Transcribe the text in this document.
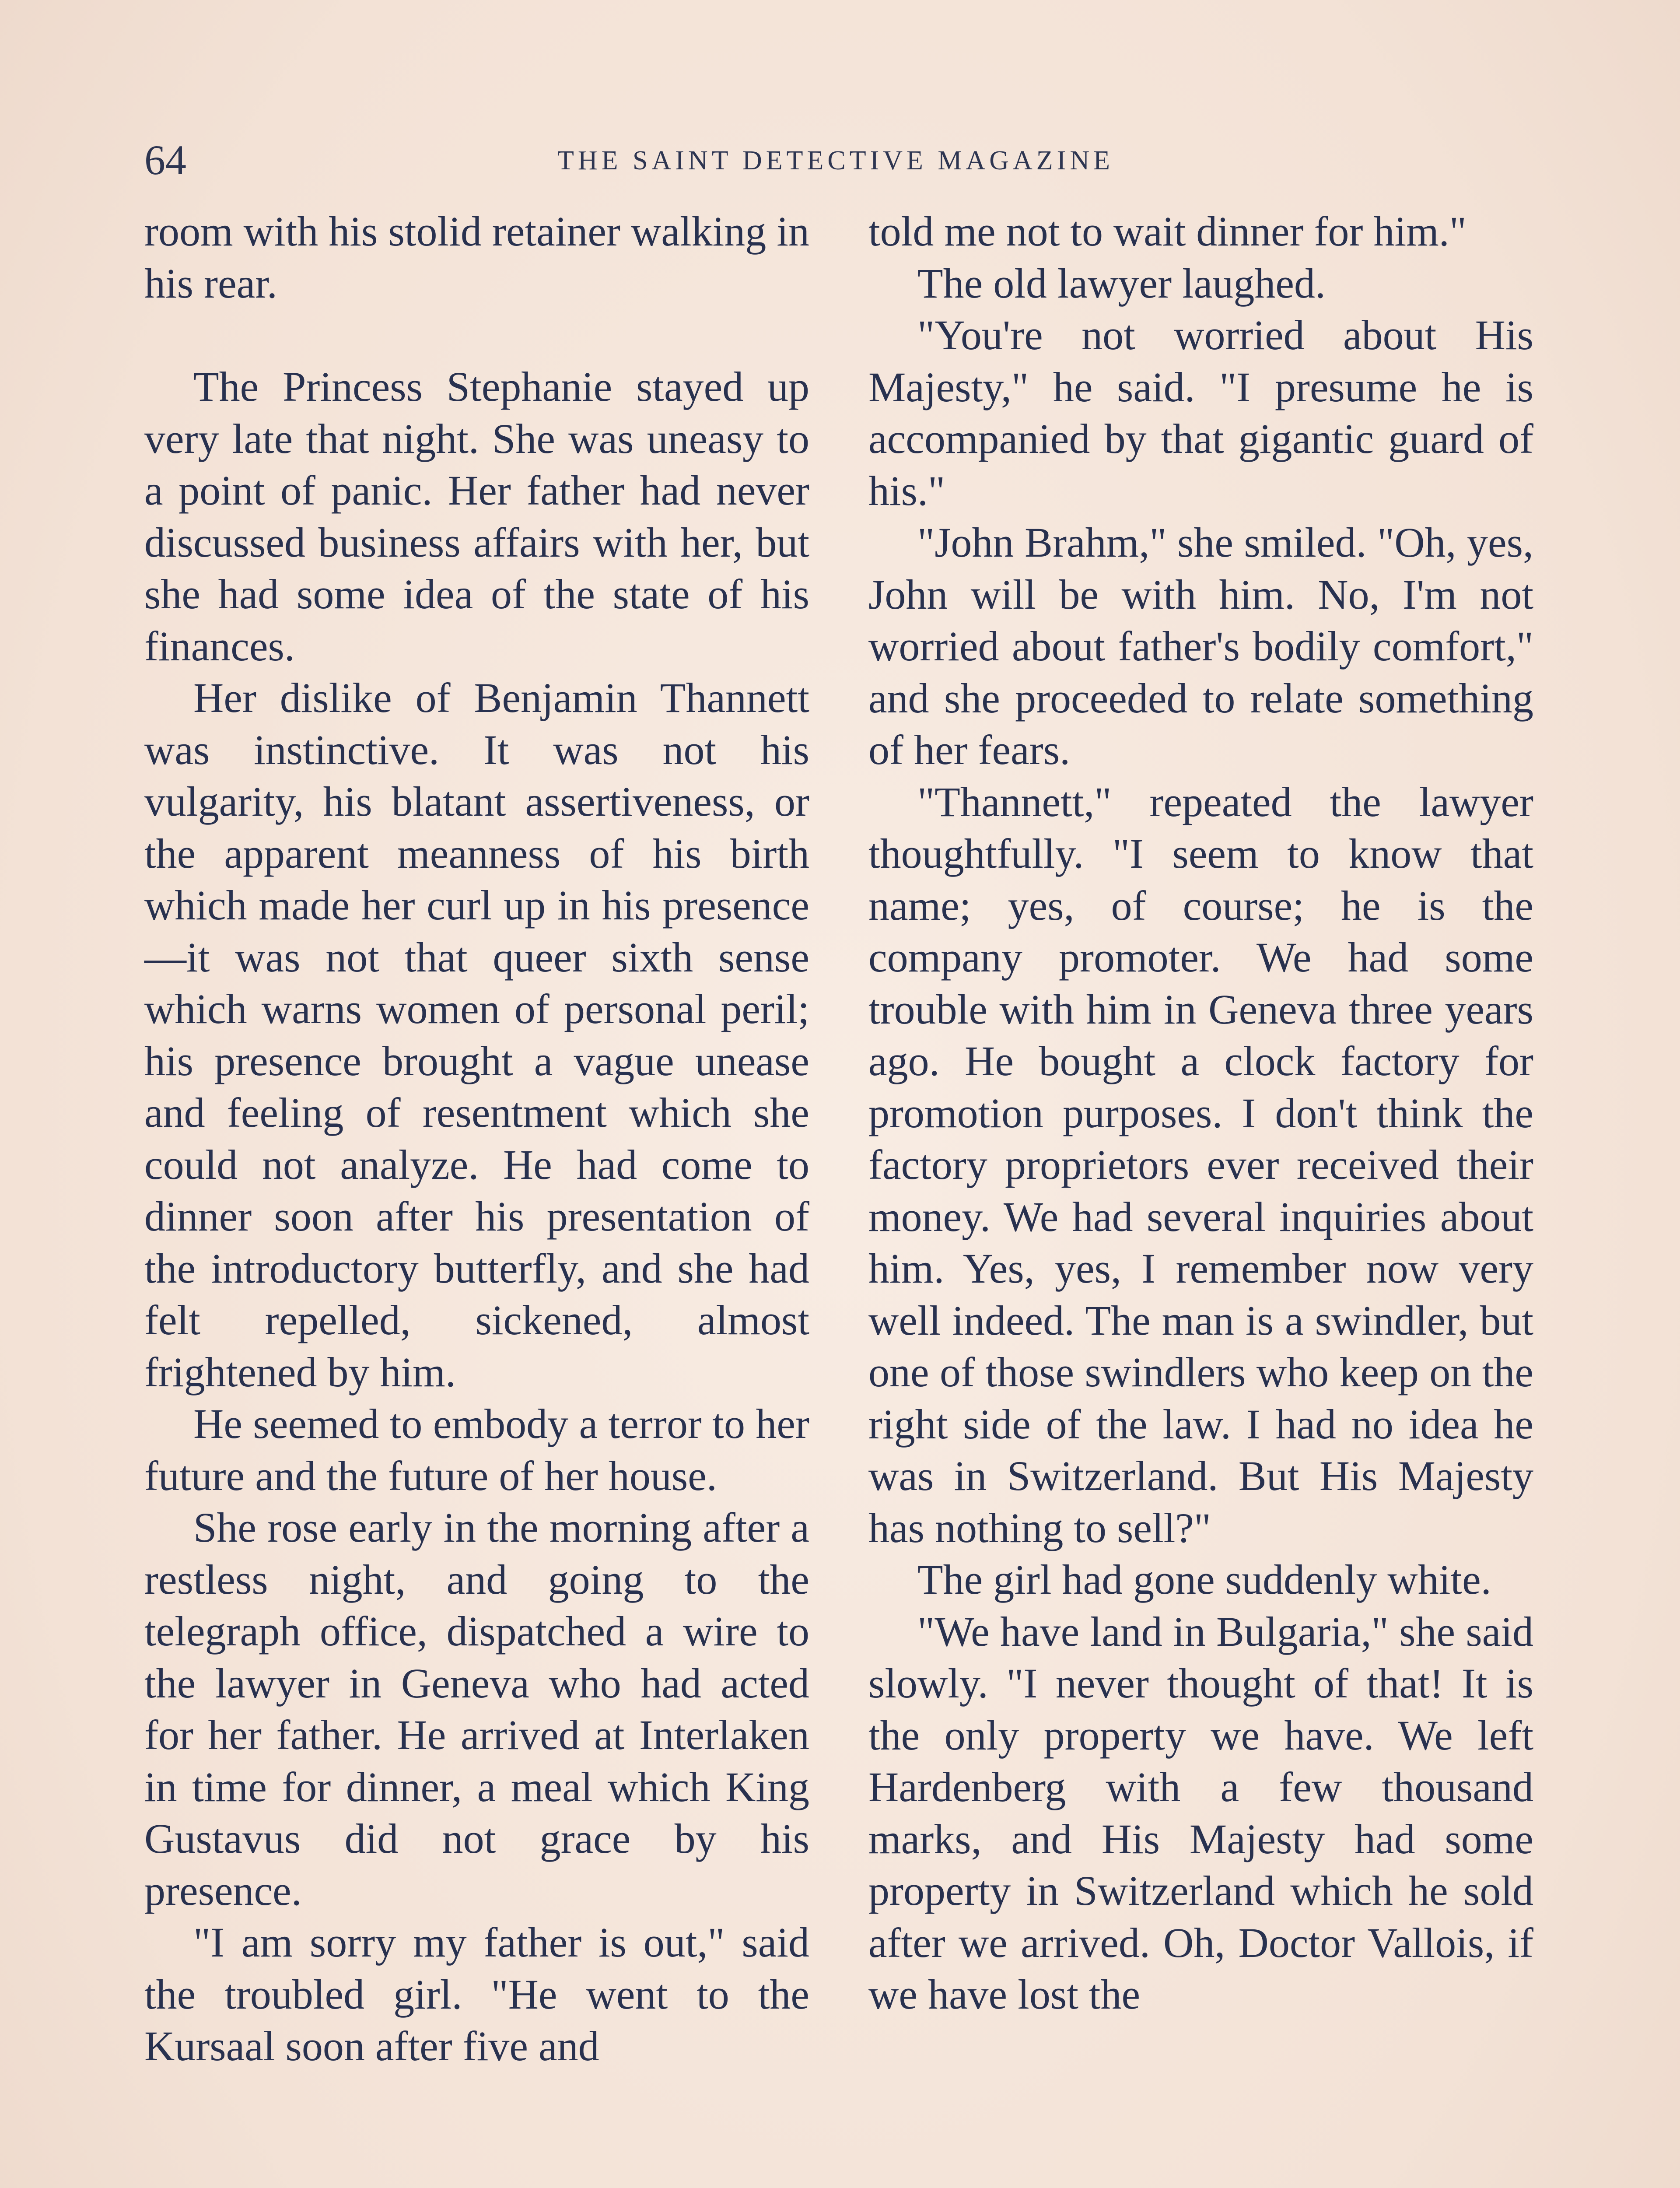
64	THE SAINT DETECTIVE MAGAZINE

room with his stolid retainer walking in his rear.

The Princess Stephanie stayed up very late that night. She was uneasy to a point of panic. Her father had never discussed business affairs with her, but she had some idea of the state of his finances.

Her dislike of Benjamin Thannett was instinctive. It was not his vulgarity, his blatant assertiveness, or the apparent meanness of his birth which made her curl up in his presence —it was not that queer sixth sense which warns women of personal peril; his presence brought a vague unease and feeling of resentment which she could not analyze. He had come to dinner soon after his presentation of the introductory butterfly, and she had felt repelled, sickened, almost frightened by him.

He seemed to embody a terror to her future and the future of her house.

She rose early in the morning after a restless night, and going to the telegraph office, dispatched a wire to the lawyer in Geneva who had acted for her father. He arrived at Interlaken in time for dinner, a meal which King Gustavus did not grace by his presence.

"I am sorry my father is out," said the troubled girl. "He went to the Kursaal soon after five and

told me not to wait dinner for him."

The old lawyer laughed.

"You're not worried about His Majesty," he said. "I presume he is accompanied by that gigantic guard of his."

"John Brahm," she smiled. "Oh, yes, John will be with him. No, I'm not worried about father's bodily comfort," and she proceeded to relate something of her fears.

"Thannett," repeated the lawyer thoughtfully. "I seem to know that name; yes, of course; he is the company promoter. We had some trouble with him in Geneva three years ago. He bought a clock factory for promotion purposes. I don't think the factory proprietors ever received their money. We had several inquiries about him. Yes, yes, I remember now very well indeed. The man is a swindler, but one of those swindlers who keep on the right side of the law. I had no idea he was in Switzerland. But His Majesty has nothing to sell?"

The girl had gone suddenly white.

"We have land in Bulgaria," she said slowly. "I never thought of that! It is the only property we have. We left Hardenberg with a few thousand marks, and His Majesty had some property in Switzerland which he sold after we arrived. Oh, Doctor Vallois, if we have lost the
